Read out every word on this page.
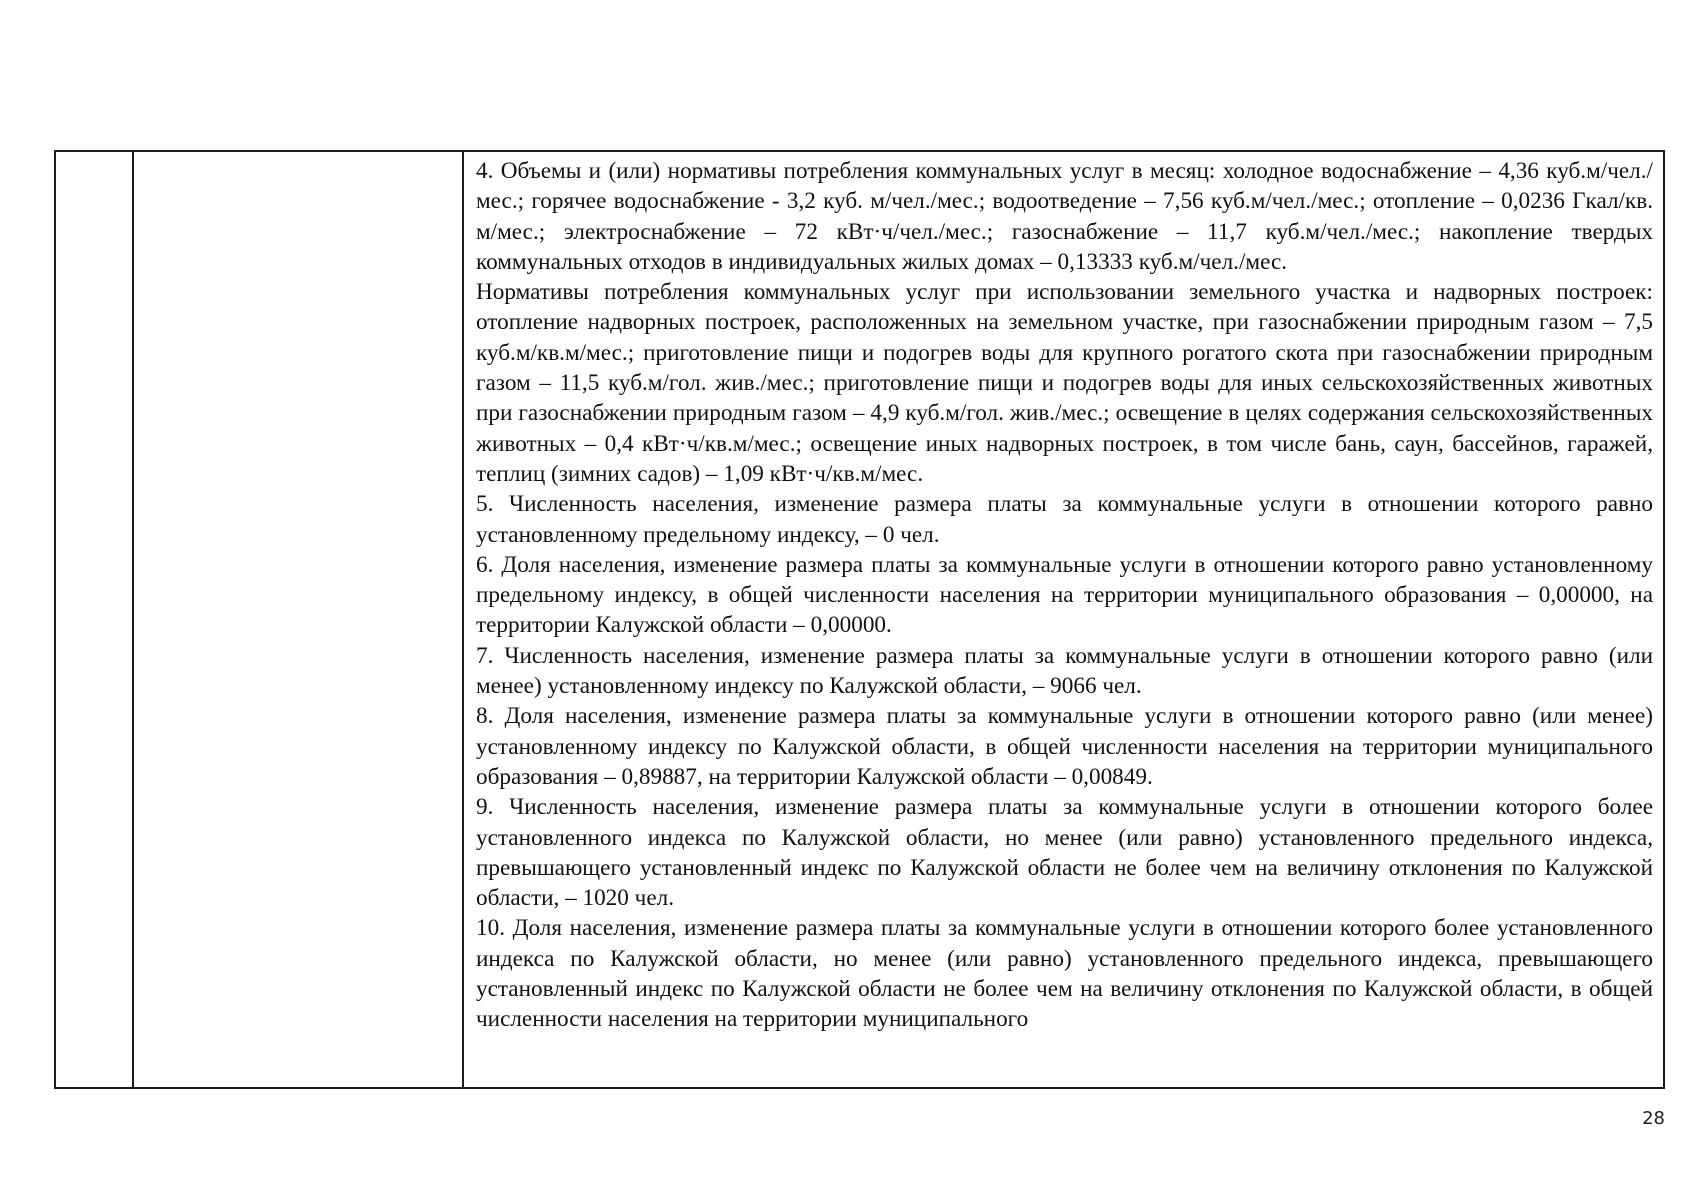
4. Объемы и (или) нормативы потребления коммунальных услуг в месяц: холодное водоснабжение – 4,36 куб.м/чел./мес.; горячее водоснабжение - 3,2 куб. м/чел./мес.; водоотведение – 7,56 куб.м/чел./мес.; отопление – 0,0236 Гкал/кв. м/мес.; электроснабжение – 72 кВт·ч/чел./мес.; газоснабжение – 11,7 куб.м/чел./мес.; накопление твердых коммунальных отходов в индивидуальных жилых домах – 0,13333 куб.м/чел./мес.

Нормативы потребления коммунальных услуг при использовании земельного участка и надворных построек: отопление надворных построек, расположенных на земельном участке, при газоснабжении природным газом – 7,5 куб.м/кв.м/мес.; приготовление пищи и подогрев воды для крупного рогатого скота при газоснабжении природным газом – 11,5 куб.м/гол. жив./мес.; приготовление пищи и подогрев воды для иных сельскохозяйственных животных при газоснабжении природным газом – 4,9 куб.м/гол. жив./мес.; освещение в целях содержания сельскохозяйственных животных – 0,4 кВт·ч/кв.м/мес.; освещение иных надворных построек, в том числе бань, саун, бассейнов, гаражей, теплиц (зимних садов) – 1,09 кВт·ч/кв.м/мес.

5. Численность населения, изменение размера платы за коммунальные услуги в отношении которого равно установленному предельному индексу, – 0 чел.

6. Доля населения, изменение размера платы за коммунальные услуги в отношении которого равно установленному предельному индексу, в общей численности населения на территории муниципального образования – 0,00000, на территории Калужской области – 0,00000.

7. Численность населения, изменение размера платы за коммунальные услуги в отношении которого равно (или менее) установленному индексу по Калужской области, – 9066 чел.

8. Доля населения, изменение размера платы за коммунальные услуги в отношении которого равно (или менее) установленному индексу по Калужской области, в общей численности населения на территории муниципального образования – 0,89887, на территории Калужской области – 0,00849.

9. Численность населения, изменение размера платы за коммунальные услуги в отношении которого более установленного индекса по Калужской области, но менее (или равно) установленного предельного индекса, превышающего установленный индекс по Калужской области не более чем на величину отклонения по Калужской области, – 1020 чел.

10. Доля населения, изменение размера платы за коммунальные услуги в отношении которого более установленного индекса по Калужской области, но менее (или равно) установленного предельного индекса, превышающего установленный индекс по Калужской области не более чем на величину отклонения по Калужской области, в общей численности населения на территории муниципального

28
